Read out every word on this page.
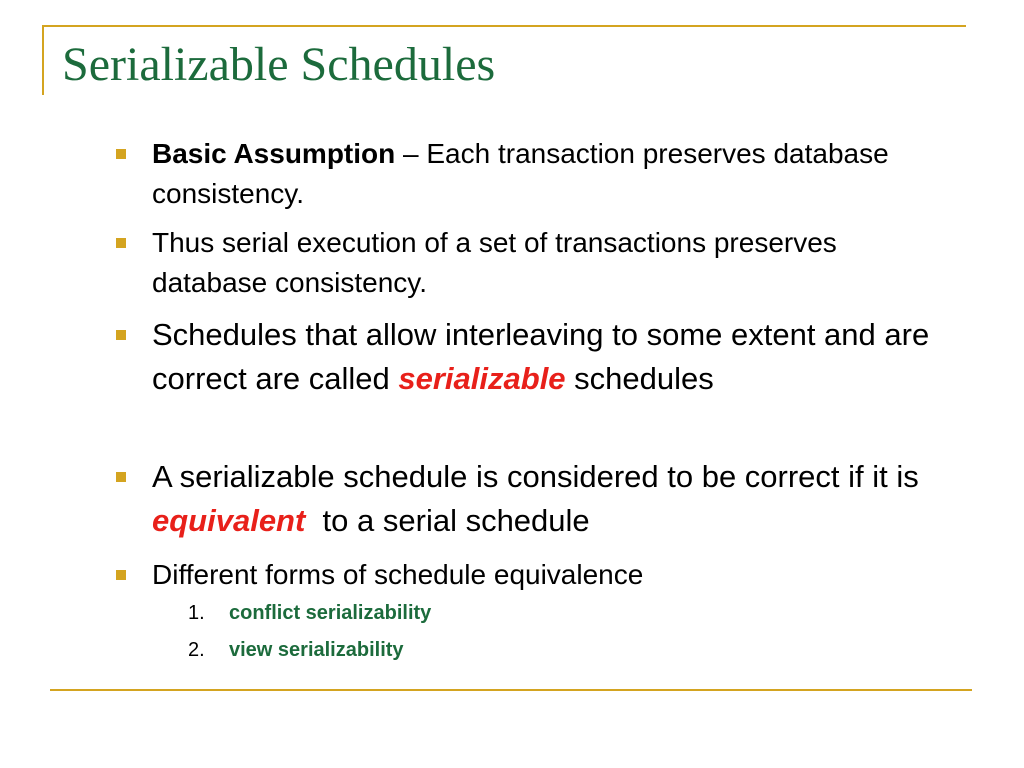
Serializable Schedules
Basic Assumption – Each transaction preserves database consistency.
Thus serial execution of a set of transactions preserves database consistency.
Schedules that allow interleaving to some extent and are correct are called serializable schedules
A serializable schedule is considered to be correct if it is equivalent  to a serial schedule
Different forms of schedule equivalence
1. conflict serializability
2. view serializability
